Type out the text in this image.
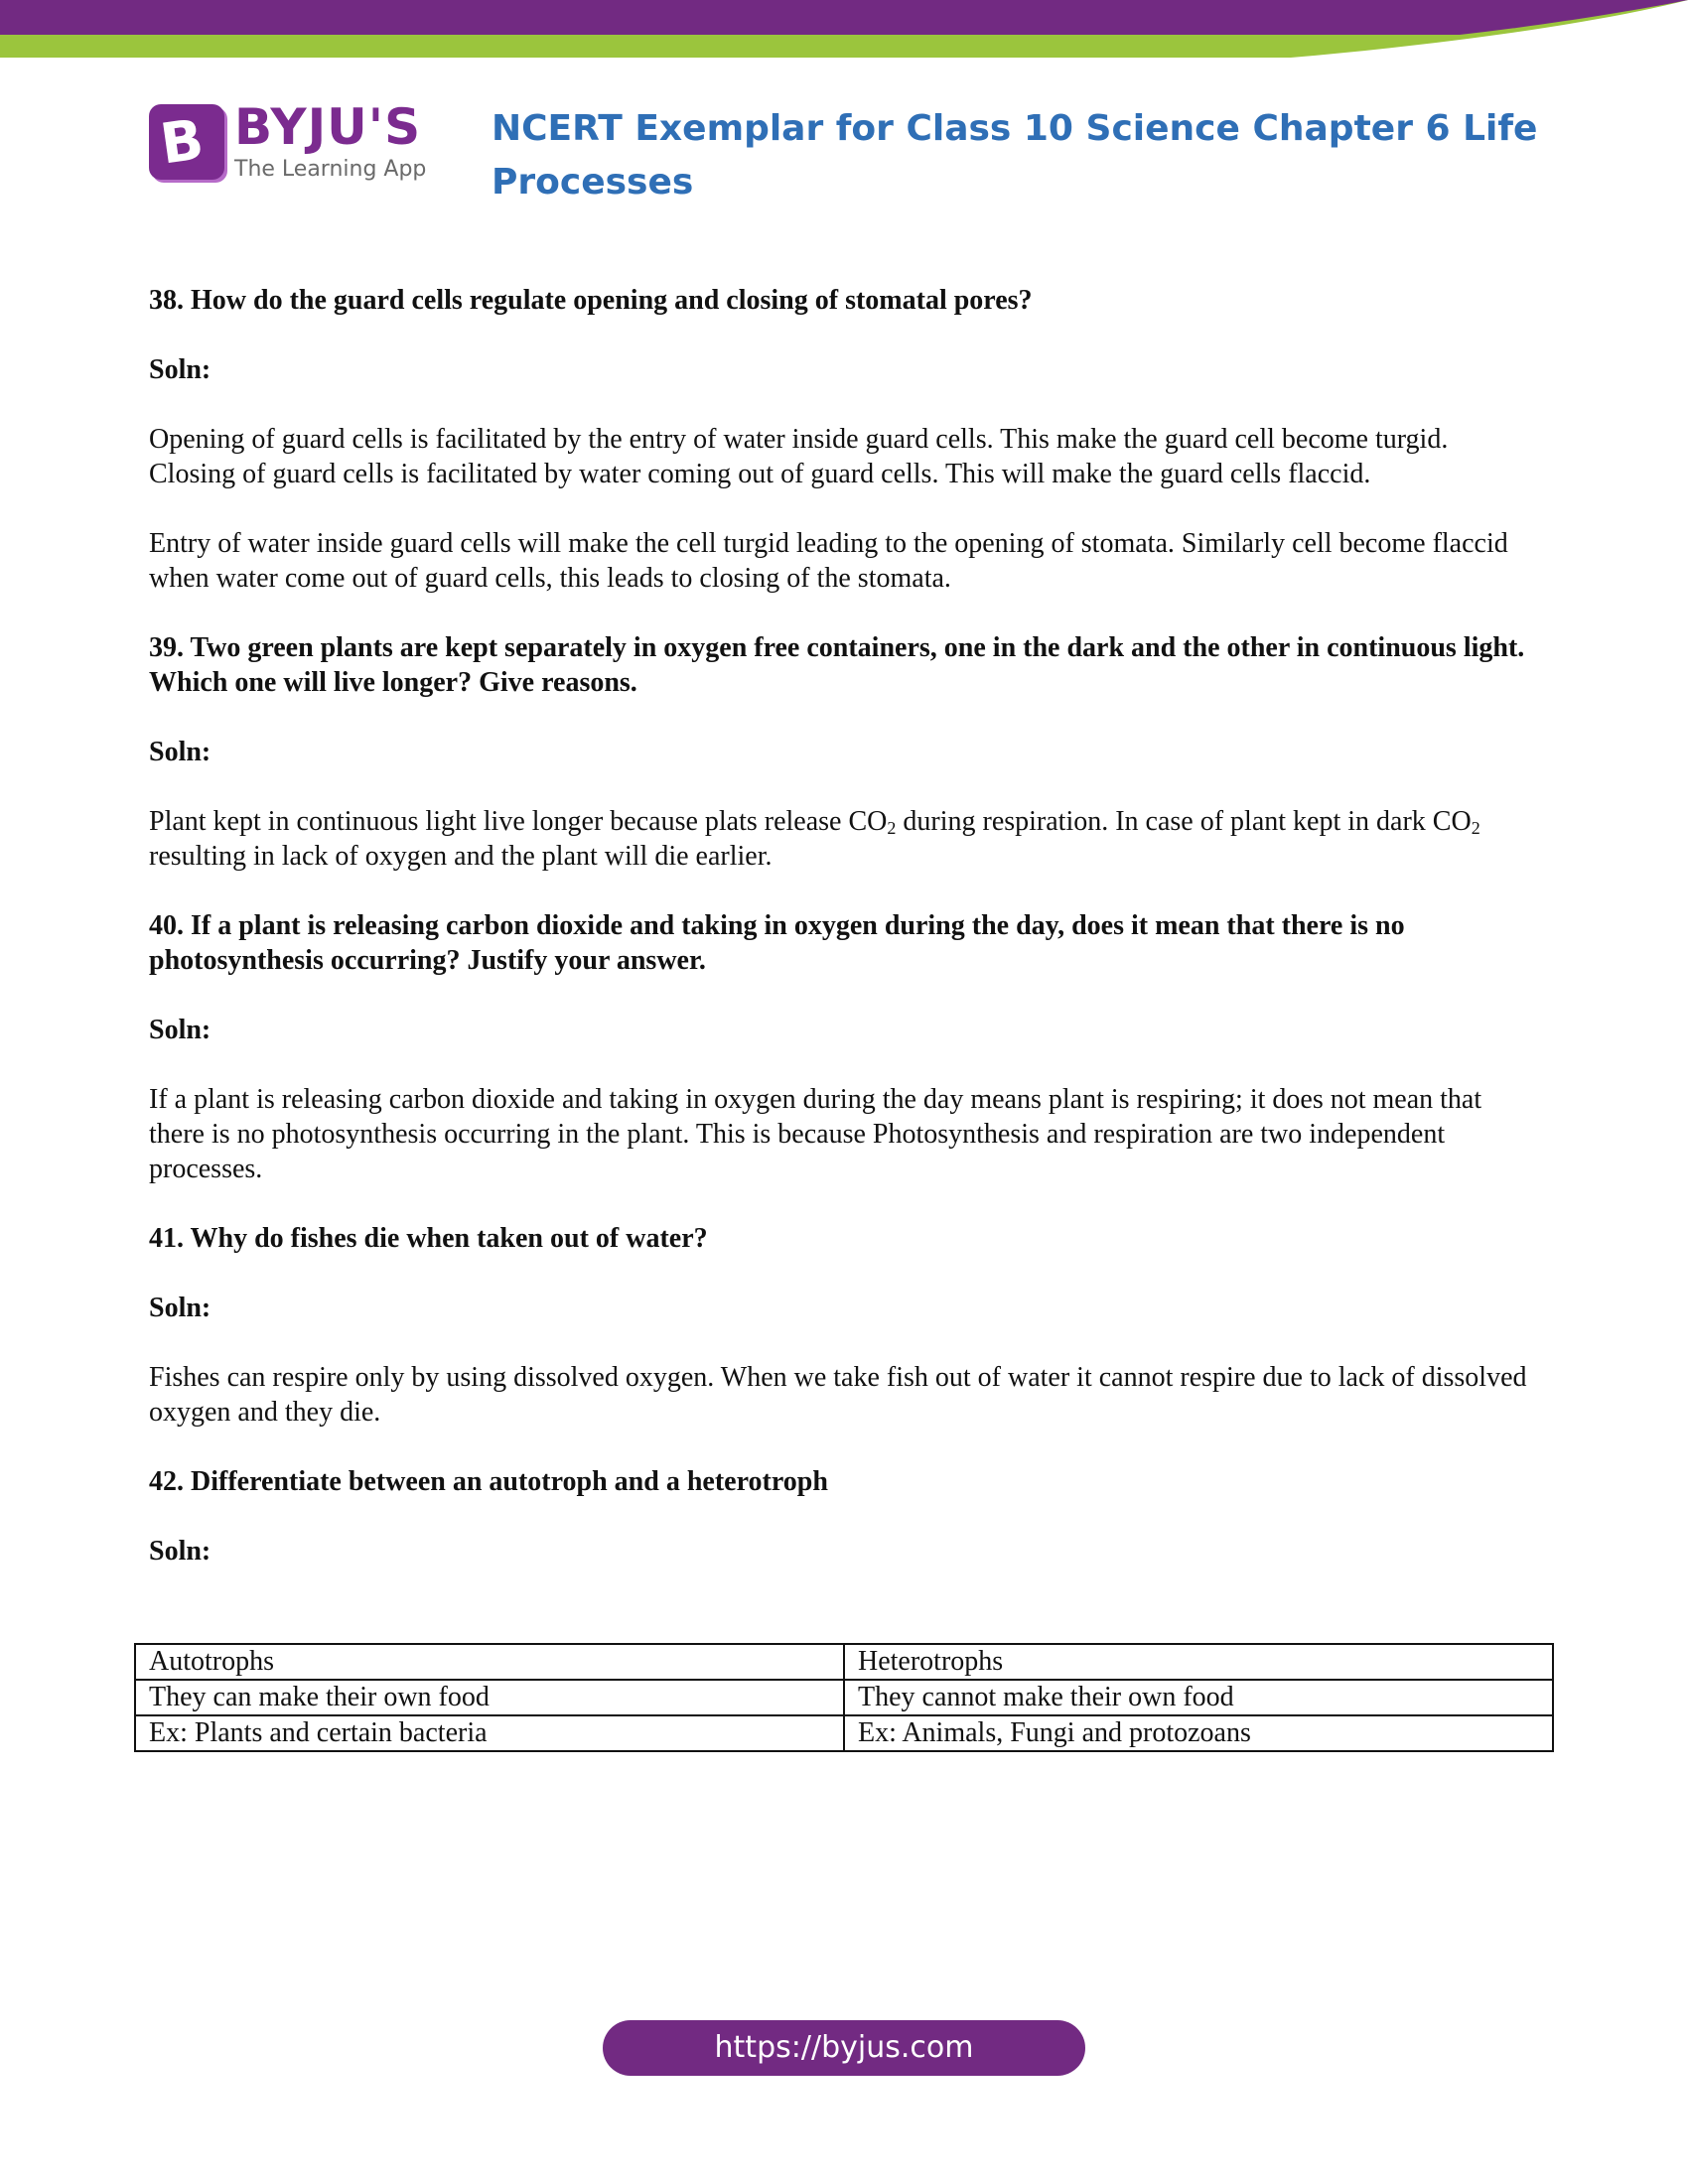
B BYJU'S
The Learning App
NCERT Exemplar for Class 10 Science Chapter 6 Life Processes

38. How do the guard cells regulate opening and closing of stomatal pores?

Soln:

Opening of guard cells is facilitated by the entry of water inside guard cells. This make the guard cell become turgid. Closing of guard cells is facilitated by water coming out of guard cells. This will make the guard cells flaccid.

Entry of water inside guard cells will make the cell turgid leading to the opening of stomata. Similarly cell become flaccid when water come out of guard cells, this leads to closing of the stomata.

39. Two green plants are kept separately in oxygen free containers, one in the dark and the other in continuous light. Which one will live longer? Give reasons.

Soln:

Plant kept in continuous light live longer because plats release $CO_2$ during respiration. In case of plant kept in dark $CO_2$ resulting in lack of oxygen and the plant will die earlier.

40. If a plant is releasing carbon dioxide and taking in oxygen during the day, does it mean that there is no photosynthesis occurring? Justify your answer.

Soln:

If a plant is releasing carbon dioxide and taking in oxygen during the day means plant is respiring; it does not mean that there is no photosynthesis occurring in the plant. This is because Photosynthesis and respiration are two independent processes.

41. Why do fishes die when taken out of water?

Soln:

Fishes can respire only by using dissolved oxygen. When we take fish out of water it cannot respire due to lack of dissolved oxygen and they die.

42. Differentiate between an autotroph and a heterotroph

Soln:

Autotrophs	Heterotrophs
They can make their own food	They cannot make their own food
Ex: Plants and certain bacteria	Ex: Animals, Fungi and protozoans
https://byjus.com
